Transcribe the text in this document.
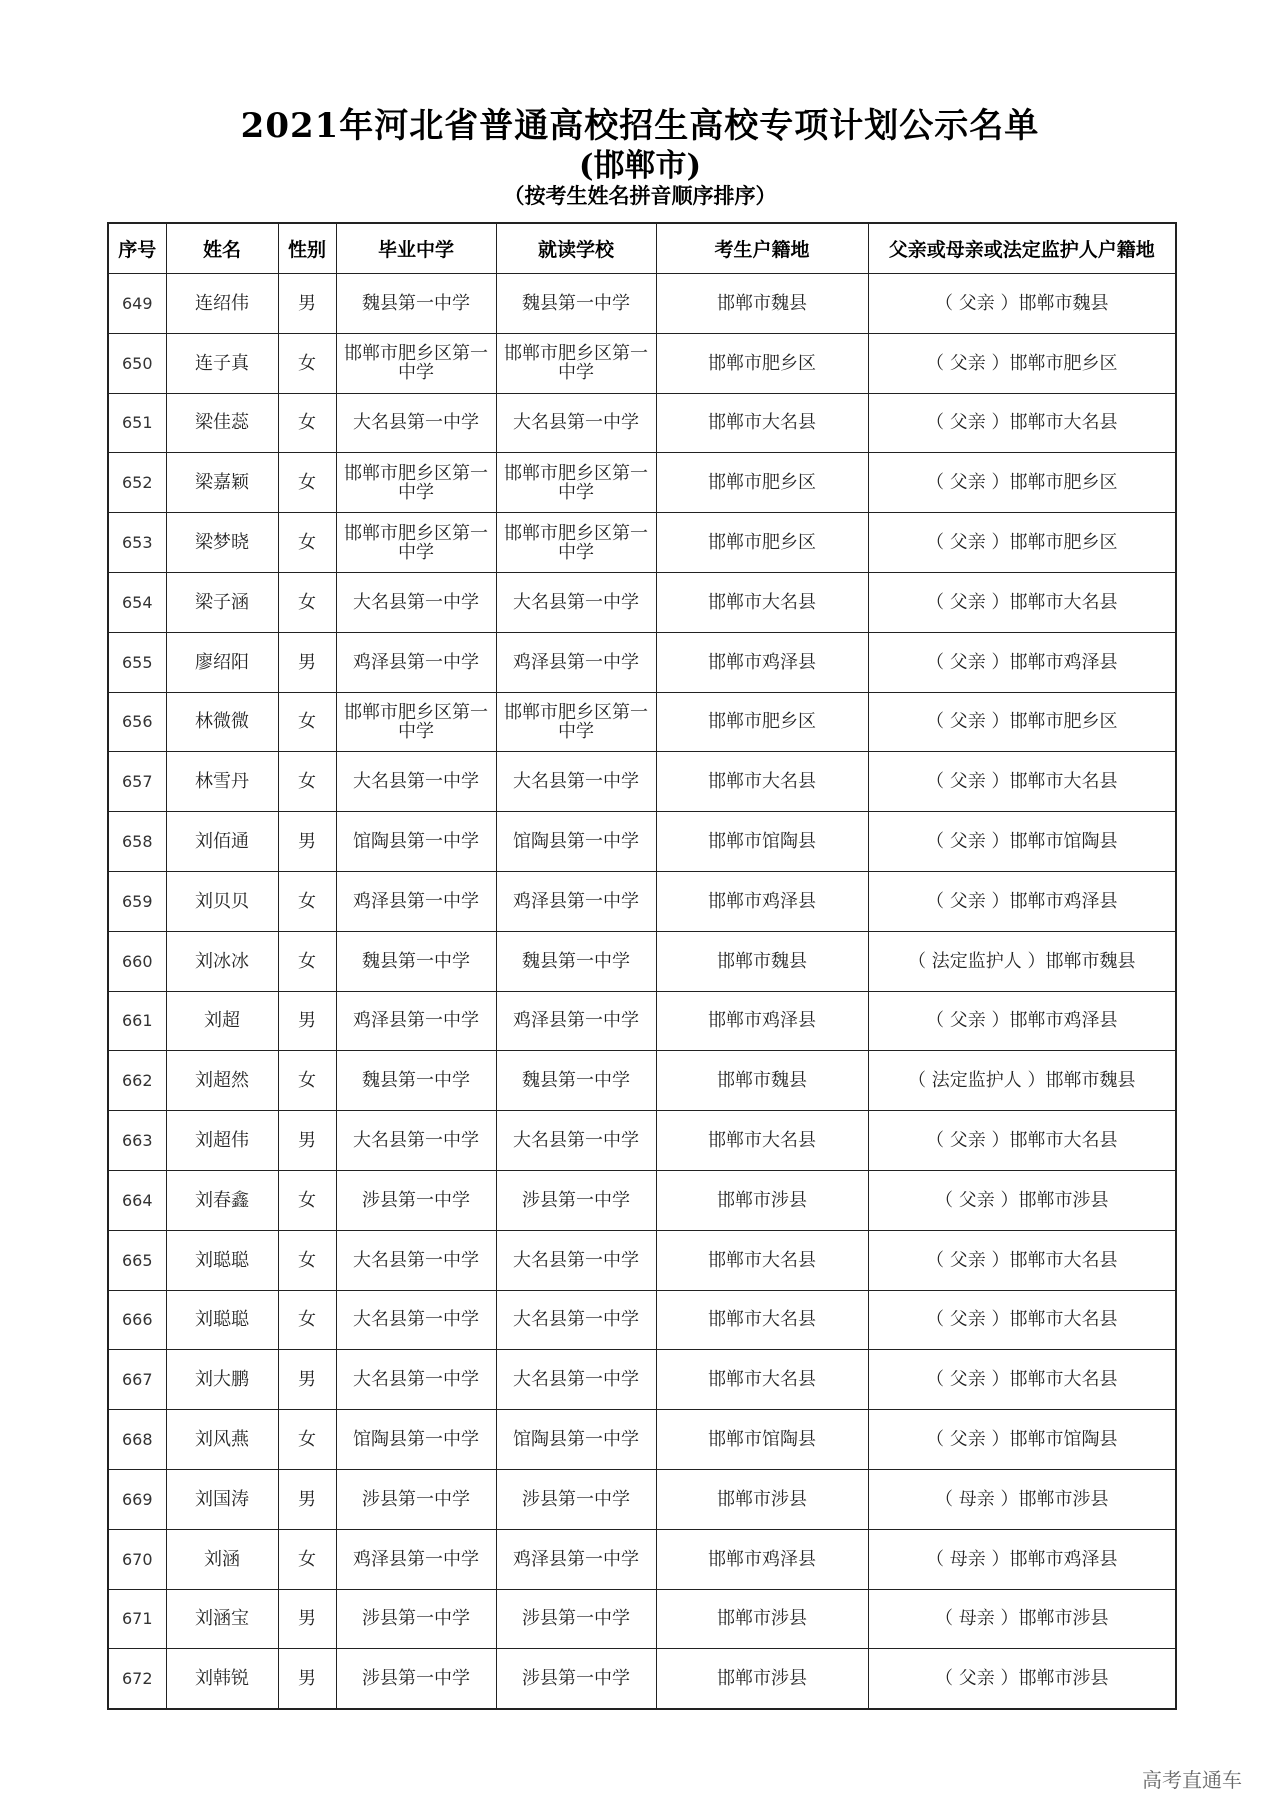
2021年河北省普通高校招生高校专项计划公示名单
(邯郸市)
（按考生姓名拼音顺序排序）
序号	姓名	性别	毕业中学	就读学校	考生户籍地	父亲或母亲或法定监护人户籍地
649	连绍伟	男	魏县第一中学	魏县第一中学	邯郸市魏县	（ 父亲 ）邯郸市魏县
650	连子真	女	邯郸市肥乡区第一中学	邯郸市肥乡区第一中学	邯郸市肥乡区	（ 父亲 ）邯郸市肥乡区
651	梁佳蕊	女	大名县第一中学	大名县第一中学	邯郸市大名县	（ 父亲 ）邯郸市大名县
652	梁嘉颖	女	邯郸市肥乡区第一中学	邯郸市肥乡区第一中学	邯郸市肥乡区	（ 父亲 ）邯郸市肥乡区
653	梁梦晓	女	邯郸市肥乡区第一中学	邯郸市肥乡区第一中学	邯郸市肥乡区	（ 父亲 ）邯郸市肥乡区
654	梁子涵	女	大名县第一中学	大名县第一中学	邯郸市大名县	（ 父亲 ）邯郸市大名县
655	廖绍阳	男	鸡泽县第一中学	鸡泽县第一中学	邯郸市鸡泽县	（ 父亲 ）邯郸市鸡泽县
656	林微微	女	邯郸市肥乡区第一中学	邯郸市肥乡区第一中学	邯郸市肥乡区	（ 父亲 ）邯郸市肥乡区
657	林雪丹	女	大名县第一中学	大名县第一中学	邯郸市大名县	（ 父亲 ）邯郸市大名县
658	刘佰通	男	馆陶县第一中学	馆陶县第一中学	邯郸市馆陶县	（ 父亲 ）邯郸市馆陶县
659	刘贝贝	女	鸡泽县第一中学	鸡泽县第一中学	邯郸市鸡泽县	（ 父亲 ）邯郸市鸡泽县
660	刘冰冰	女	魏县第一中学	魏县第一中学	邯郸市魏县	（ 法定监护人 ）邯郸市魏县
661	刘超	男	鸡泽县第一中学	鸡泽县第一中学	邯郸市鸡泽县	（ 父亲 ）邯郸市鸡泽县
662	刘超然	女	魏县第一中学	魏县第一中学	邯郸市魏县	（ 法定监护人 ）邯郸市魏县
663	刘超伟	男	大名县第一中学	大名县第一中学	邯郸市大名县	（ 父亲 ）邯郸市大名县
664	刘春鑫	女	涉县第一中学	涉县第一中学	邯郸市涉县	（ 父亲 ）邯郸市涉县
665	刘聪聪	女	大名县第一中学	大名县第一中学	邯郸市大名县	（ 父亲 ）邯郸市大名县
666	刘聪聪	女	大名县第一中学	大名县第一中学	邯郸市大名县	（ 父亲 ）邯郸市大名县
667	刘大鹏	男	大名县第一中学	大名县第一中学	邯郸市大名县	（ 父亲 ）邯郸市大名县
668	刘风燕	女	馆陶县第一中学	馆陶县第一中学	邯郸市馆陶县	（ 父亲 ）邯郸市馆陶县
669	刘国涛	男	涉县第一中学	涉县第一中学	邯郸市涉县	（ 母亲 ）邯郸市涉县
670	刘涵	女	鸡泽县第一中学	鸡泽县第一中学	邯郸市鸡泽县	（ 母亲 ）邯郸市鸡泽县
671	刘涵宝	男	涉县第一中学	涉县第一中学	邯郸市涉县	（ 母亲 ）邯郸市涉县
672	刘韩锐	男	涉县第一中学	涉县第一中学	邯郸市涉县	（ 父亲 ）邯郸市涉县
高考直通车
